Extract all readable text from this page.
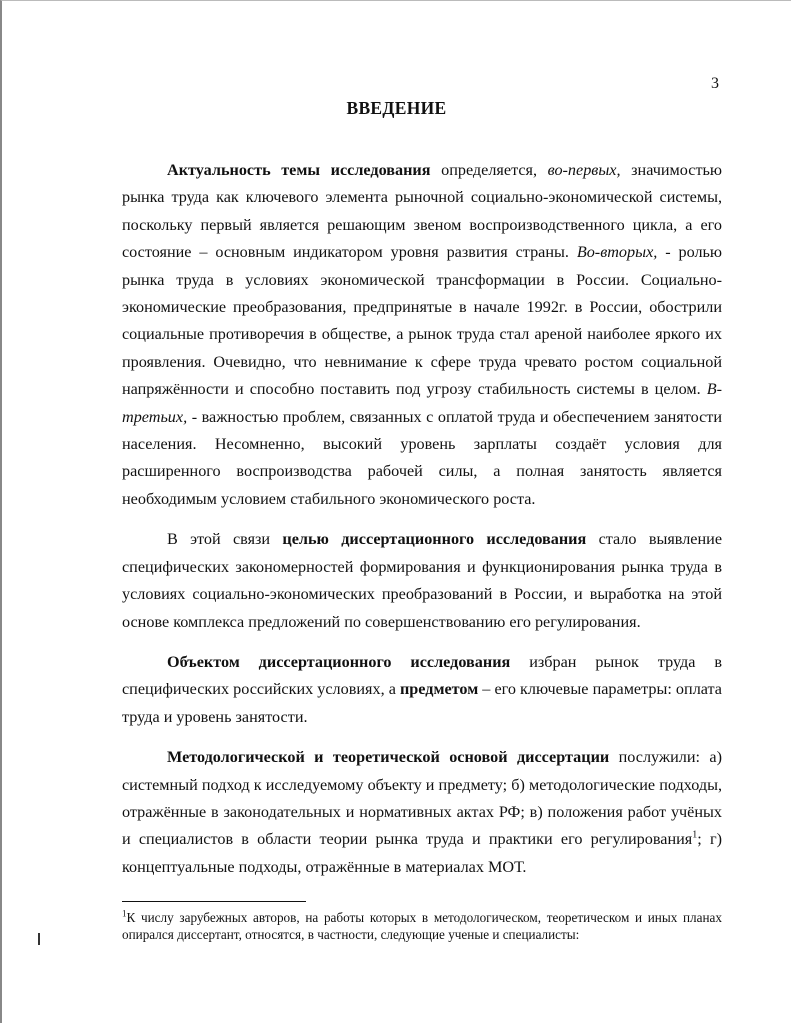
3
ВВЕДЕНИЕ

Актуальность темы исследования определяется, во-первых, значимостью рынка труда как ключевого элемента рыночной социально-экономической системы, поскольку первый является решающим звеном воспроизводственного цикла, а его состояние – основным индикатором уровня развития страны. Во-вторых, - ролью рынка труда в условиях экономической трансформации в России. Социально-экономические преобразования, предпринятые в начале 1992г. в России, обострили социальные противоречия в обществе, а рынок труда стал ареной наиболее яркого их проявления. Очевидно, что невнимание к сфере труда чревато ростом социальной напряжённости и способно поставить под угрозу стабильность системы в целом. В-третьих, - важностью проблем, связанных с оплатой труда и обеспечением занятости населения. Несомненно, высокий уровень зарплаты создаёт условия для расширенного воспроизводства рабочей силы, а полная занятость является необходимым условием стабильного экономического роста.

В этой связи целью диссертационного исследования стало выявление специфических закономерностей формирования и функционирования рынка труда в условиях социально-экономических преобразований в России, и выработка на этой основе комплекса предложений по совершенствованию его регулирования.

Объектом диссертационного исследования избран рынок труда в специфических российских условиях, а предметом – его ключевые параметры: оплата труда и уровень занятости.

Методологической и теоретической основой диссертации послужили: а) системный подход к исследуемому объекту и предмету; б) методологические подходы, отражённые в законодательных и нормативных актах РФ; в) положения работ учёных и специалистов в области теории рынка труда и практики его регулирования$^1$; г) концептуальные подходы, отражённые в материалах МОТ.

$^1$К числу зарубежных авторов, на работы которых в методологическом, теоретическом и иных планах опирался диссертант, относятся, в частности, следующие ученые и специалисты:
